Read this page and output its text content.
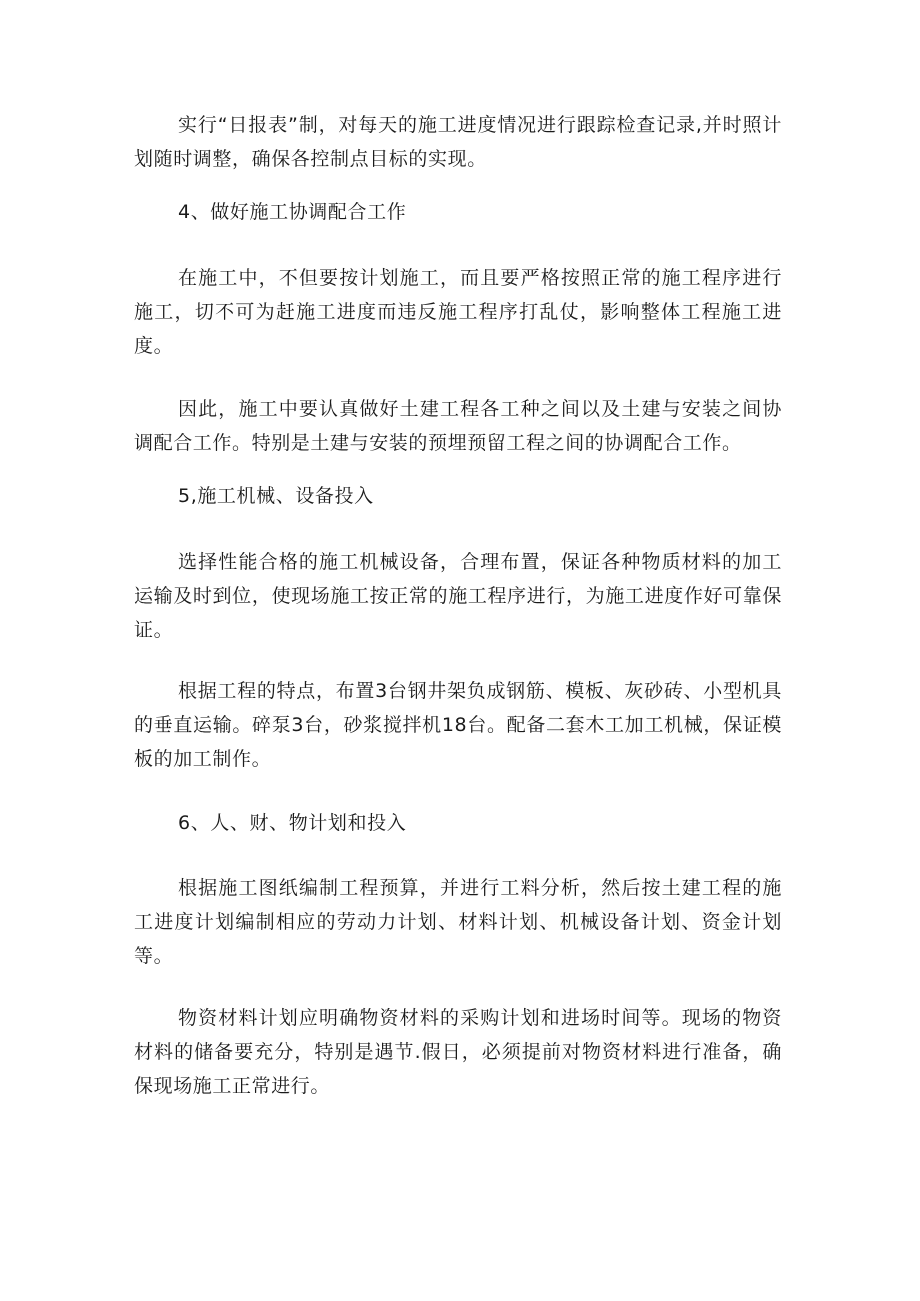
实行“日报表”制，对每天的施工进度情况进行跟踪检查记录,并时照计划随时调整，确保各控制点目标的实现。

4、做好施工协调配合工作

在施工中，不但要按计划施工，而且要严格按照正常的施工程序进行施工，切不可为赶施工进度而违反施工程序打乱仗，影响整体工程施工进度。

因此，施工中要认真做好土建工程各工种之间以及土建与安装之间协调配合工作。特别是土建与安装的预埋预留工程之间的协调配合工作。

5,施工机械、设备投入

选择性能合格的施工机械设备，合理布置，保证各种物质材料的加工运输及时到位，使现场施工按正常的施工程序进行，为施工进度作好可靠保证。

根据工程的特点，布置3台钢井架负成钢筋、模板、灰砂砖、小型机具的垂直运输。碎泵3台，砂浆搅拌机18台。配备二套木工加工机械，保证模板的加工制作。

6、人、财、物计划和投入

根据施工图纸编制工程预算，并进行工料分析，然后按土建工程的施工进度计划编制相应的劳动力计划、材料计划、机械设备计划、资金计划等。

物资材料计划应明确物资材料的采购计划和进场时间等。现场的物资材料的储备要充分，特别是遇节.假日，必须提前对物资材料进行准备，确保现场施工正常进行。
